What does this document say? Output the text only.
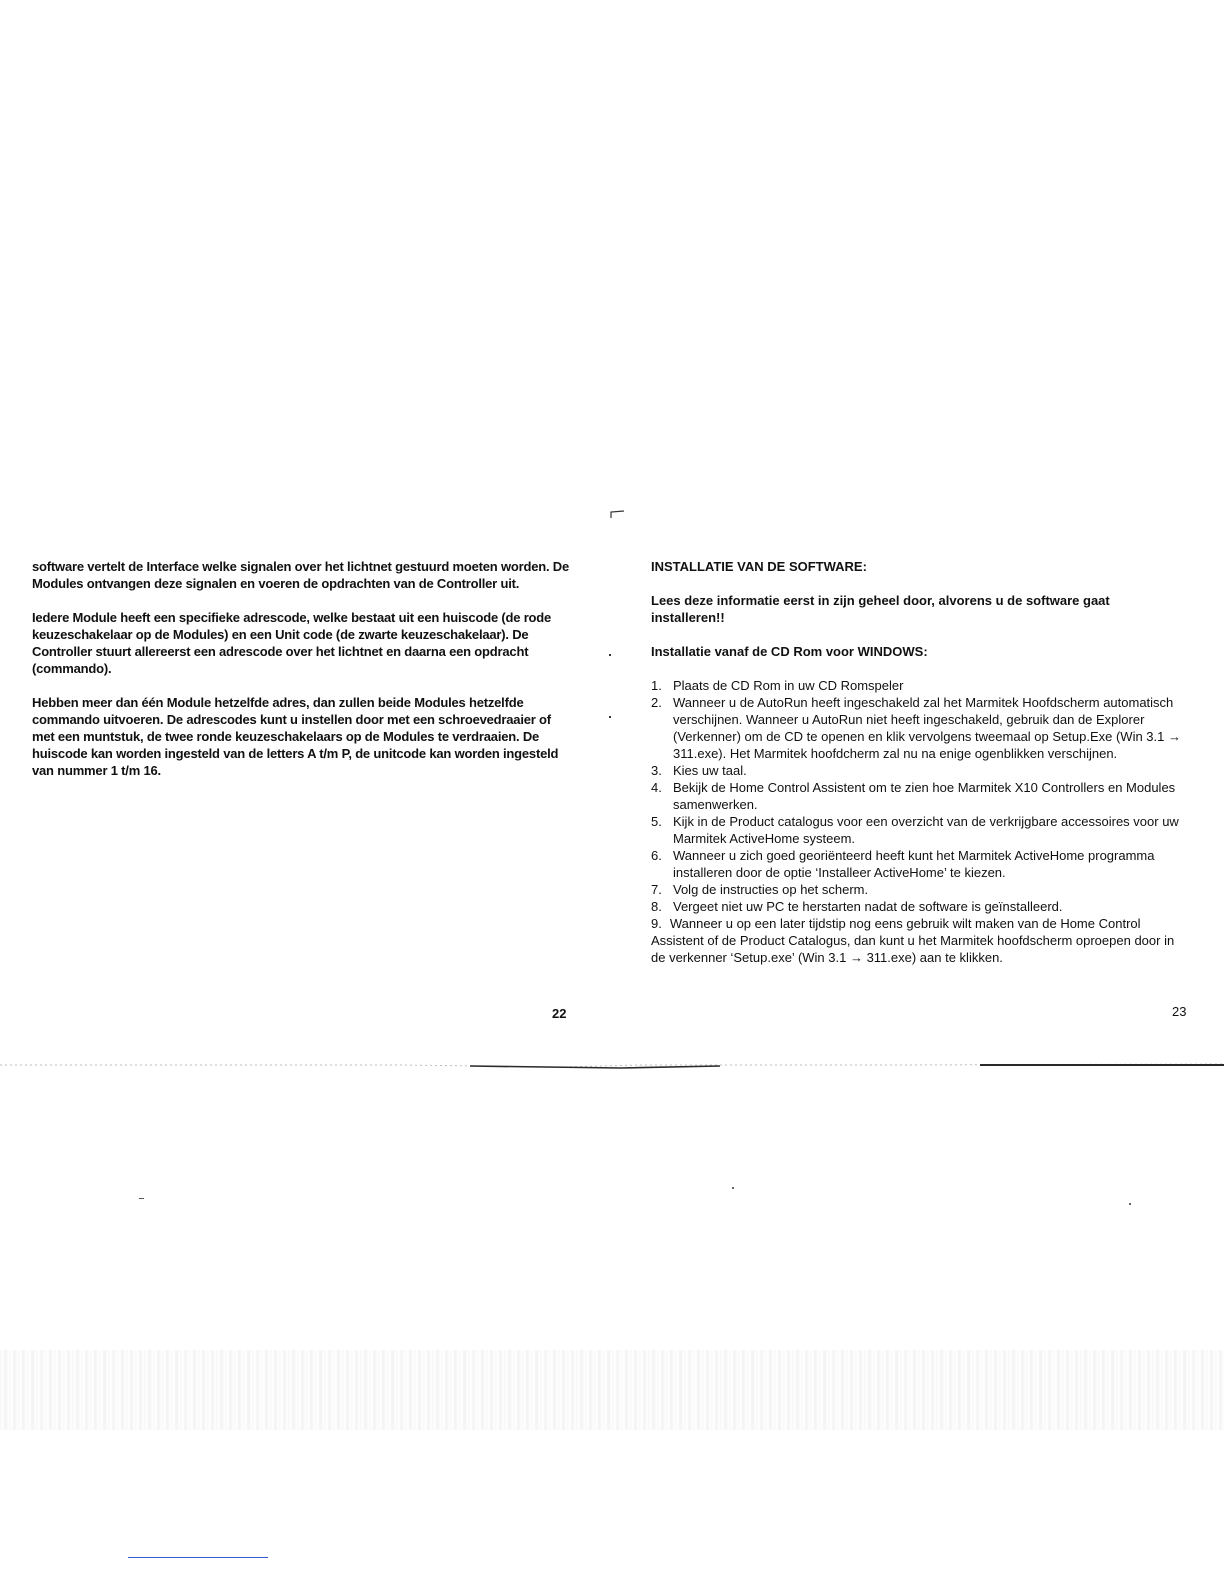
software vertelt de Interface welke signalen over het lichtnet gestuurd moeten worden. De Modules ontvangen deze signalen en voeren de opdrachten van de Controller uit.

Iedere Module heeft een specifieke adrescode, welke bestaat uit een huiscode (de rode keuzeschakelaar op de Modules) en een Unit code (de zwarte keuzeschakelaar). De Controller stuurt allereerst een adrescode over het lichtnet en daarna een opdracht (commando).

Hebben meer dan één Module hetzelfde adres, dan zullen beide Modules hetzelfde commando uitvoeren. De adrescodes kunt u instellen door met een schroevedraaier of met een muntstuk, de twee ronde keuzeschakelaars op de Modules te verdraaien. De huiscode kan worden ingesteld van de letters A t/m P, de unitcode kan worden ingesteld van nummer 1 t/m 16.

22
INSTALLATIE VAN DE SOFTWARE:
Lees deze informatie eerst in zijn geheel door, alvorens u de software gaat installeren!!
Installatie vanaf de CD Rom voor WINDOWS:
1. Plaats de CD Rom in uw CD Romspeler
2. Wanneer u de AutoRun heeft ingeschakeld zal het Marmitek Hoofdscherm automatisch verschijnen. Wanneer u AutoRun niet heeft ingeschakeld, gebruik dan de Explorer (Verkenner) om de CD te openen en klik vervolgens tweemaal op Setup.Exe (Win 3.1 → 311.exe). Het Marmitek hoofdcherm zal nu na enige ogenblikken verschijnen.
3. Kies uw taal.
4. Bekijk de Home Control Assistent om te zien hoe Marmitek X10 Controllers en Modules samenwerken.
5. Kijk in de Product catalogus voor een overzicht van de verkrijgbare accessoires voor uw Marmitek ActiveHome systeem.
6. Wanneer u zich goed georiënteerd heeft kunt het Marmitek ActiveHome programma installeren door de optie ‘Installeer ActiveHome’ te kiezen.
7. Volg de instructies op het scherm.
8. Vergeet niet uw PC te herstarten nadat de software is geïnstalleerd.
9. Wanneer u op een later tijdstip nog eens gebruik wilt maken van de Home Control Assistent of de Product Catalogus, dan kunt u het Marmitek hoofdscherm oproepen door in de verkenner ‘Setup.exe’ (Win 3.1 → 311.exe) aan te klikken.
23
